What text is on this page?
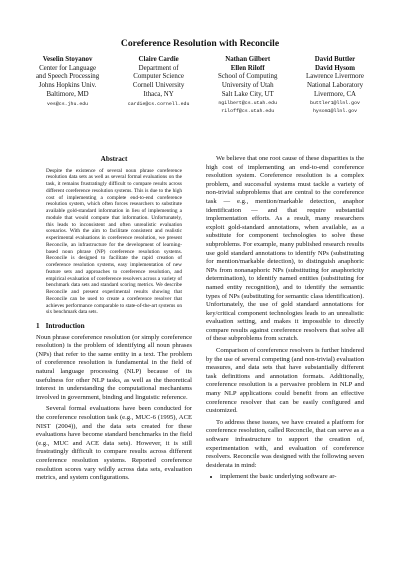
Coreference Resolution with Reconcile
Veselin Stoyanov
Center for Language
and Speech Processing
Johns Hopkins Univ.
Baltimore, MD
ves@cs.jhu.edu
Claire Cardie
Department of
Computer Science
Cornell University
Ithaca, NY
cardie@cs.cornell.edu
Nathan Gilbert
Ellen Riloff
School of Computing
University of Utah
Salt Lake City, UT
ngilbert@cs.utah.edu
riloff@cs.utah.edu
David Buttler
David Hysom
Lawrence Livermore
National Laboratory
Livermore, CA
buttler1@llnl.gov
hysom1@llnl.gov
Abstract
Despite the existence of several noun phrase coreference resolution data sets as well as several formal evaluations on the task, it remains frustratingly difficult to compare results across different coreference resolution systems. This is due to the high cost of implementing a complete end-to-end coreference resolution system, which often forces researchers to substitute available gold-standard information in lieu of implementing a module that would compute that information. Unfortunately, this leads to inconsistent and often unrealistic evaluation scenarios. With the aim to facilitate consistent and realistic experimental evaluations in coreference resolution, we present Reconcile, an infrastructure for the development of learning-based noun phrase (NP) coreference resolution systems. Reconcile is designed to facilitate the rapid creation of coreference resolution systems, easy implementation of new feature sets and approaches to coreference resolution, and empirical evaluation of coreference resolvers across a variety of benchmark data sets and standard scoring metrics. We describe Reconcile and present experimental results showing that Reconcile can be used to create a coreference resolver that achieves performance comparable to state-of-the-art systems on six benchmark data sets.
1 Introduction

Noun phrase coreference resolution (or simply coreference resolution) is the problem of identifying all noun phrases (NPs) that refer to the same entity in a text. The problem of coreference resolution is fundamental in the field of natural language processing (NLP) because of its usefulness for other NLP tasks, as well as the theoretical interest in understanding the computational mechanisms involved in government, binding and linguistic reference.

Several formal evaluations have been conducted for the coreference resolution task (e.g., MUC-6 (1995), ACE NIST (2004)), and the data sets created for these evaluations have become standard benchmarks in the field (e.g., MUC and ACE data sets). However, it is still frustratingly difficult to compare results across different coreference resolution systems. Reported coreference resolution scores vary wildly across data sets, evaluation metrics, and system configurations.

We believe that one root cause of these disparities is the high cost of implementing an end-to-end coreference resolution system. Coreference resolution is a complex problem, and successful systems must tackle a variety of non-trivial subproblems that are central to the coreference task — e.g., mention/markable detection, anaphor identification — and that require substantial implementation efforts. As a result, many researchers exploit gold-standard annotations, when available, as a substitute for component technologies to solve these subproblems. For example, many published research results use gold standard annotations to identify NPs (substituting for mention/markable detection), to distinguish anaphoric NPs from nonanaphoric NPs (substituting for anaphoricity determination), to identify named entities (substituting for named entity recognition), and to identify the semantic types of NPs (substituting for semantic class identification). Unfortunately, the use of gold standard annotations for key/critical component technologies leads to an unrealistic evaluation setting, and makes it impossible to directly compare results against coreference resolvers that solve all of these subproblems from scratch.

Comparison of coreference resolvers is further hindered by the use of several competing (and non-trivial) evaluation measures, and data sets that have substantially different task definitions and annotation formats. Additionally, coreference resolution is a pervasive problem in NLP and many NLP applications could benefit from an effective coreference resolver that can be easily configured and customized.

To address these issues, we have created a platform for coreference resolution, called Reconcile, that can serve as a software infrastructure to support the creation of, experimentation with, and evaluation of coreference resolvers. Reconcile was designed with the following seven desiderata in mind:

• implement the basic underlying software ar-
